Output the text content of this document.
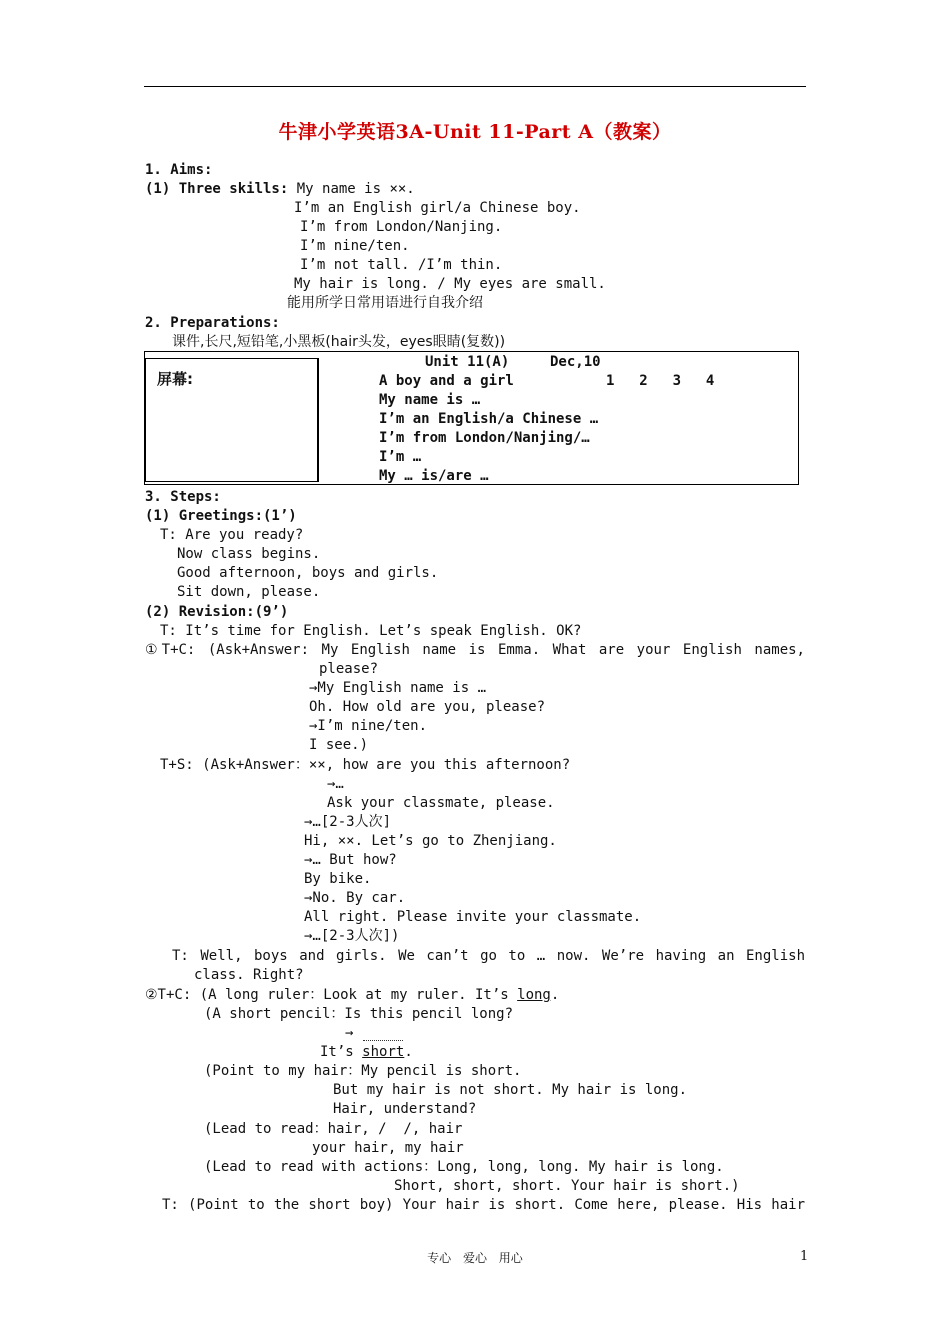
牛津小学英语3A-Unit 11-Part A（教案）
1. Aims:
(1) Three skills: My name is ××.
I’m an English girl/a Chinese boy.
I’m from London/Nanjing.
I’m nine/ten.
I’m not tall. /I’m thin.
My hair is long. / My eyes are small.
能用所学日常用语进行自我介绍
2. Preparations:
课件,长尺,短铅笔,小黑板(hair头发，eyes眼睛(复数))
屏幕:
Unit 11(A)	Dec,10
A boy and a girl	1  2  3  4
My name is …
I’m an English/a Chinese …
I’m from London/Nanjing/…
I’m …
My … is/are …
3. Steps:
(1) Greetings:(1’)
T: Are you ready?
Now class begins.
Good afternoon, boys and girls.
Sit down, please.
(2) Revision:(9’)
T: It’s time for English. Let’s speak English. OK?
①T+C: (Ask+Answer: My English name is Emma. What are your English names,
please?
→My English name is …
Oh. How old are you, please?
→I’m nine/ten.
I see.)
T+S: (Ask+Answer：××, how are you this afternoon?
→…
Ask your classmate, please.
→…[2-3人次]
Hi, ××. Let’s go to Zhenjiang.
→… But how?
By bike.
→No. By car.
All right. Please invite your classmate.
→…[2-3人次])
T: Well, boys and girls. We can’t go to … now. We’re having an English
class. Right?
②T+C: (A long ruler：Look at my ruler. It’s long.
(A short pencil：Is this pencil long?
→
It’s short.
(Point to my hair：My pencil is short.
But my hair is not short. My hair is long.
Hair, understand?
(Lead to read：hair, /  /, hair
your hair, my hair
(Lead to read with actions：Long, long, long. My hair is long.
Short, short, short. Your hair is short.)
T: (Point to the short boy) Your hair is short. Come here, please. His hair
专心 爱心 用心	1
